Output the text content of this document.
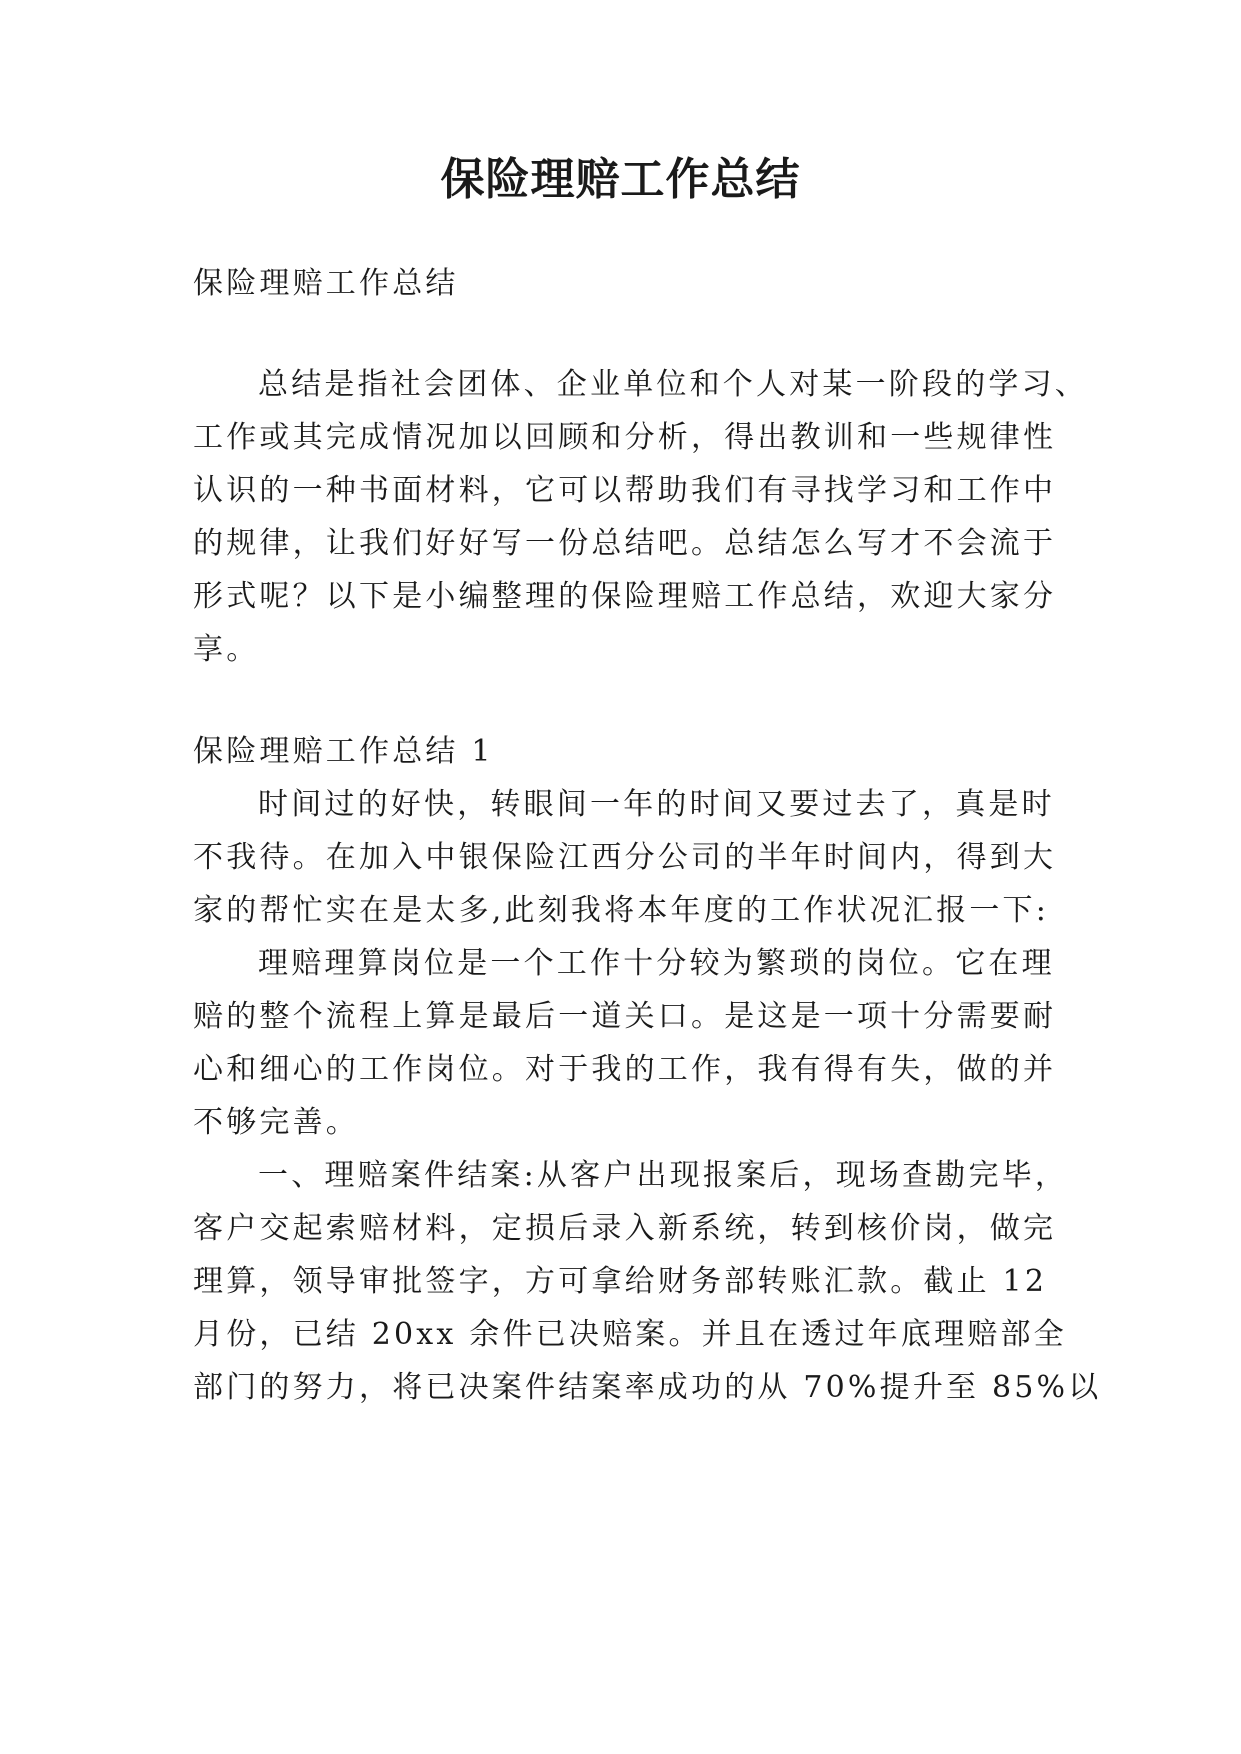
保险理赔工作总结

保险理赔工作总结

总结是指社会团体、企业单位和个人对某一阶段的学习、

工作或其完成情况加以回顾和分析，得出教训和一些规律性

认识的一种书面材料，它可以帮助我们有寻找学习和工作中

的规律，让我们好好写一份总结吧。总结怎么写才不会流于

形式呢？以下是小编整理的保险理赔工作总结，欢迎大家分

享。

保险理赔工作总结 1

时间过的好快，转眼间一年的时间又要过去了，真是时

不我待。在加入中银保险江西分公司的半年时间内，得到大

家的帮忙实在是太多,此刻我将本年度的工作状况汇报一下:

理赔理算岗位是一个工作十分较为繁琐的岗位。它在理

赔的整个流程上算是最后一道关口。是这是一项十分需要耐

心和细心的工作岗位。对于我的工作，我有得有失，做的并

不够完善。

一、理赔案件结案:从客户出现报案后，现场查勘完毕，

客户交起索赔材料，定损后录入新系统，转到核价岗，做完

理算，领导审批签字，方可拿给财务部转账汇款。截止 12

月份，已结 20xx 余件已决赔案。并且在透过年底理赔部全

部门的努力，将已决案件结案率成功的从 70%提升至 85%以
